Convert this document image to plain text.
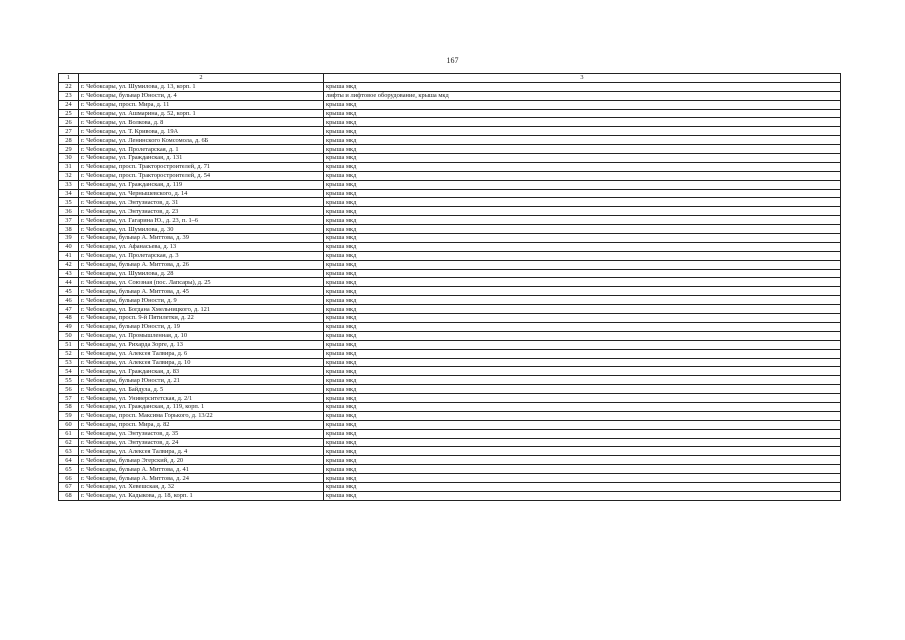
167
1	2	3
22	г. Чебоксары, ул. Шумилова, д. 13, корп. 1	крыша мкд
23	г. Чебоксары, бульвар Юности, д. 4	лифты и лифтовое оборудование, крыша мкд
24	г. Чебоксары, просп. Мира, д. 11	крыша мкд
25	г. Чебоксары, ул. Ашмарина, д. 52, корп. 1	крыша мкд
26	г. Чебоксары, ул. Волкова, д. 8	крыша мкд
27	г. Чебоксары, ул. Т. Кривова, д. 19А	крыша мкд
28	г. Чебоксары, ул. Ленинского Комсомола, д. 6Б	крыша мкд
29	г. Чебоксары, ул. Пролетарская, д. 1	крыша мкд
30	г. Чебоксары, ул. Гражданская, д. 131	крыша мкд
31	г. Чебоксары, просп. Тракторостроителей, д. 71	крыша мкд
32	г. Чебоксары, просп. Тракторостроителей, д. 54	крыша мкд
33	г. Чебоксары, ул. Гражданская, д. 119	крыша мкд
34	г. Чебоксары, ул. Чернышевского, д. 14	крыша мкд
35	г. Чебоксары, ул. Энтузиастов, д. 31	крыша мкд
36	г. Чебоксары, ул. Энтузиастов, д. 23	крыша мкд
37	г. Чебоксары, ул. Гагарина Ю., д. 23, п. 1–6	крыша мкд
38	г. Чебоксары, ул. Шумилова, д. 30	крыша мкд
39	г. Чебоксары, бульвар А. Миттова, д. 39	крыша мкд
40	г. Чебоксары, ул. Афанасьева, д. 13	крыша мкд
41	г. Чебоксары, ул. Пролетарская, д. 3	крыша мкд
42	г. Чебоксары, бульвар А. Миттова, д. 26	крыша мкд
43	г. Чебоксары, ул. Шумилова, д. 28	крыша мкд
44	г. Чебоксары, ул. Союзная (пос. Лапсары), д. 25	крыша мкд
45	г. Чебоксары, бульвар А. Миттова, д. 45	крыша мкд
46	г. Чебоксары, бульвар Юности, д. 9	крыша мкд
47	г. Чебоксары, ул. Богдана Хмельницкого, д. 121	крыша мкд
48	г. Чебоксары, просп. 9-й Пятилетки, д. 22	крыша мкд
49	г. Чебоксары, бульвар Юности, д. 19	крыша мкд
50	г. Чебоксары, ул. Промышленная, д. 10	крыша мкд
51	г. Чебоксары, ул. Рихарда Зорге, д. 13	крыша мкд
52	г. Чебоксары, ул. Алексея Талвира, д. 6	крыша мкд
53	г. Чебоксары, ул. Алексея Талвира, д. 10	крыша мкд
54	г. Чебоксары, ул. Гражданская, д. 83	крыша мкд
55	г. Чебоксары, бульвар Юности, д. 21	крыша мкд
56	г. Чебоксары, ул. Байдула, д. 5	крыша мкд
57	г. Чебоксары, ул. Университетская, д. 2/1	крыша мкд
58	г. Чебоксары, ул. Гражданская, д. 119, корп. 1	крыша мкд
59	г. Чебоксары, просп. Максима Горького, д. 13/22	крыша мкд
60	г. Чебоксары, просп. Мира, д. 82	крыша мкд
61	г. Чебоксары, ул. Энтузиастов, д. 35	крыша мкд
62	г. Чебоксары, ул. Энтузиастов, д. 24	крыша мкд
63	г. Чебоксары, ул. Алексея Талвира, д. 4	крыша мкд
64	г. Чебоксары, бульвар Эгерский, д. 20	крыша мкд
65	г. Чебоксары, бульвар А. Миттова, д. 41	крыша мкд
66	г. Чебоксары, бульвар А. Миттова, д. 24	крыша мкд
67	г. Чебоксары, ул. Хевешская, д. 32	крыша мкд
68	г. Чебоксары, ул. Кадыкова, д. 18, корп. 1	крыша мкд
